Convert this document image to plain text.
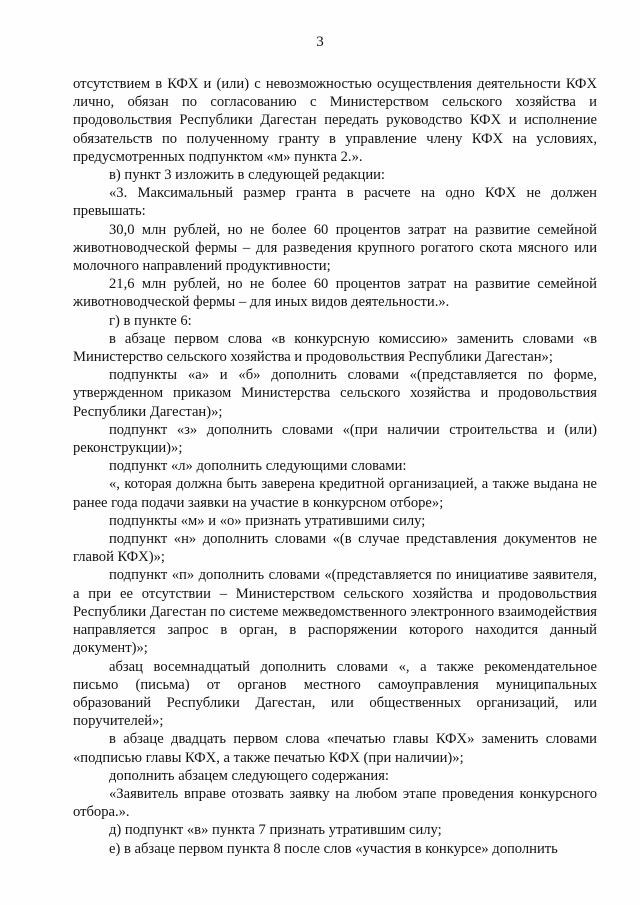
3

отсутствием в КФХ и (или) с невозможностью осуществления деятельности КФХ лично, обязан по согласованию с Министерством сельского хозяйства и продовольствия Республики Дагестан передать руководство КФХ и исполнение обязательств по полученному гранту в управление члену КФХ на условиях, предусмотренных подпунктом «м» пункта 2.».

в) пункт 3 изложить в следующей редакции:

«3. Максимальный размер гранта в расчете на одно КФХ не должен превышать:

30,0 млн рублей, но не более 60 процентов затрат на развитие семейной животноводческой фермы – для разведения крупного рогатого скота мясного или молочного направлений продуктивности;

21,6 млн рублей, но не более 60 процентов затрат на развитие семейной животноводческой фермы – для иных видов деятельности.».

г) в пункте 6:

в абзаце первом слова «в конкурсную комиссию» заменить словами «в Министерство сельского хозяйства и продовольствия Республики Дагестан»;

подпункты «а» и «б» дополнить словами «(представляется по форме, утвержденном приказом Министерства сельского хозяйства и продовольствия Республики Дагестан)»;

подпункт «з» дополнить словами «(при наличии строительства и (или) реконструкции)»;

подпункт «л» дополнить следующими словами:

«, которая должна быть заверена кредитной организацией, а также выдана не ранее года подачи заявки на участие в конкурсном отборе»;

подпункты «м» и «о» признать утратившими силу;

подпункт «н» дополнить словами «(в случае представления документов не главой КФХ)»;

подпункт «п» дополнить словами «(представляется по инициативе заявителя, а при ее отсутствии – Министерством сельского хозяйства и продовольствия Республики Дагестан по системе межведомственного электронного взаимодействия направляется запрос в орган, в распоряжении которого находится данный документ)»;

абзац восемнадцатый дополнить словами «, а также рекомендательное письмо (письма) от органов местного самоуправления муниципальных образований Республики Дагестан, или общественных организаций, или поручителей»;

в абзаце двадцать первом слова «печатью главы КФХ» заменить словами «подписью главы КФХ, а также печатью КФХ (при наличии)»;

дополнить абзацем следующего содержания:

«Заявитель вправе отозвать заявку на любом этапе проведения конкурсного отбора.».

д) подпункт «в» пункта 7 признать утратившим силу;

е) в абзаце первом пункта 8 после слов «участия в конкурсе» дополнить
